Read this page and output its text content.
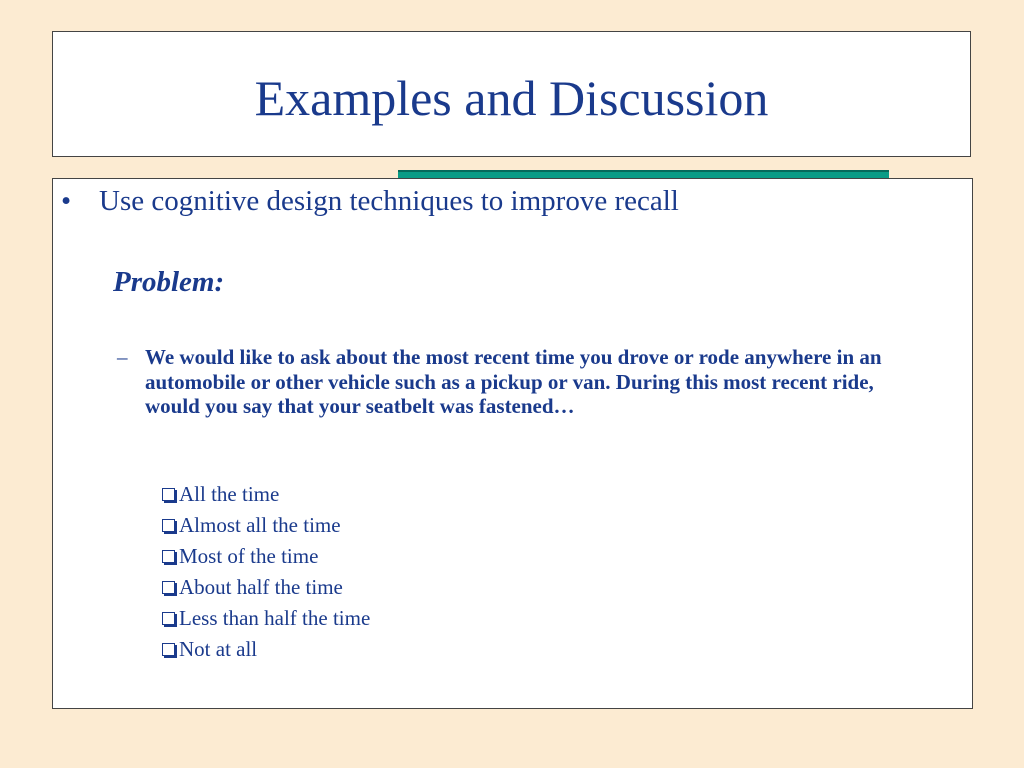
Examples and Discussion
• Use cognitive design techniques to improve recall
Problem:
– We would like to ask about the most recent time you drove or rode anywhere in an automobile or other vehicle such as a pickup or van. During this most recent ride, would you say that your seatbelt was fastened…
All the time
Almost all the time
Most of the time
About half the time
Less than half the time
Not at all
